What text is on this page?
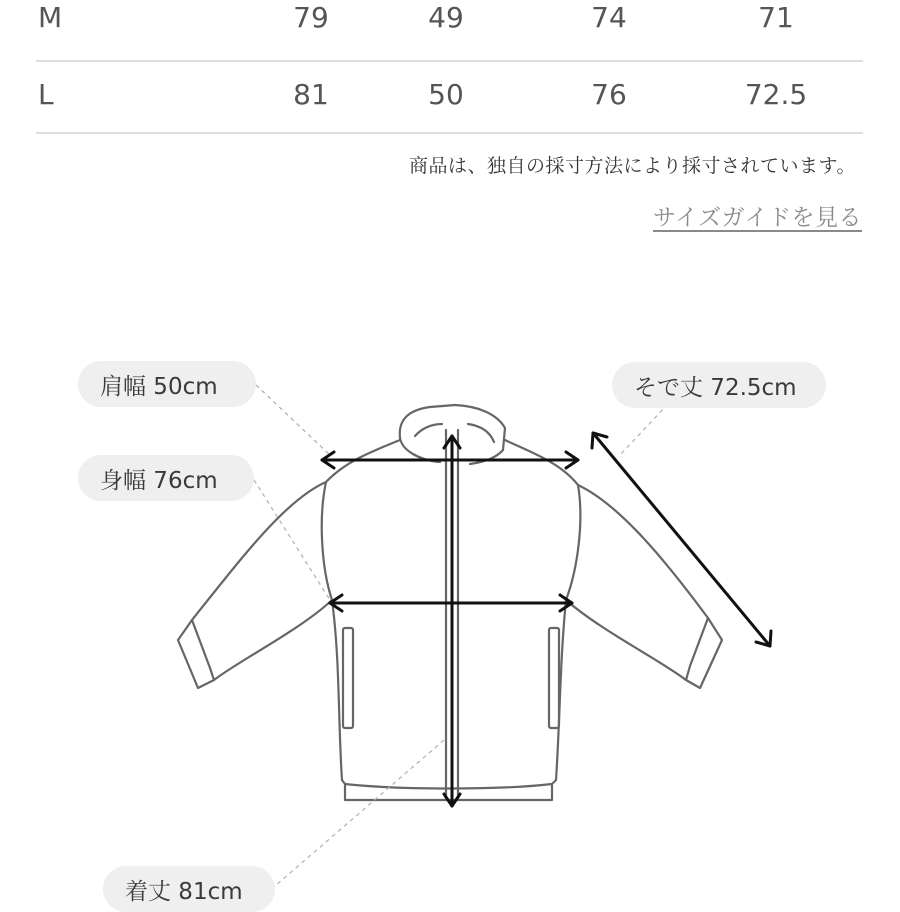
M	79	49	74	71
L	81	50	76	72.5
商品は、独自の採寸方法により採寸されています。
サイズガイドを見る
肩幅 50cm
身幅 76cm
そで丈 72.5cm
着丈 81cm
